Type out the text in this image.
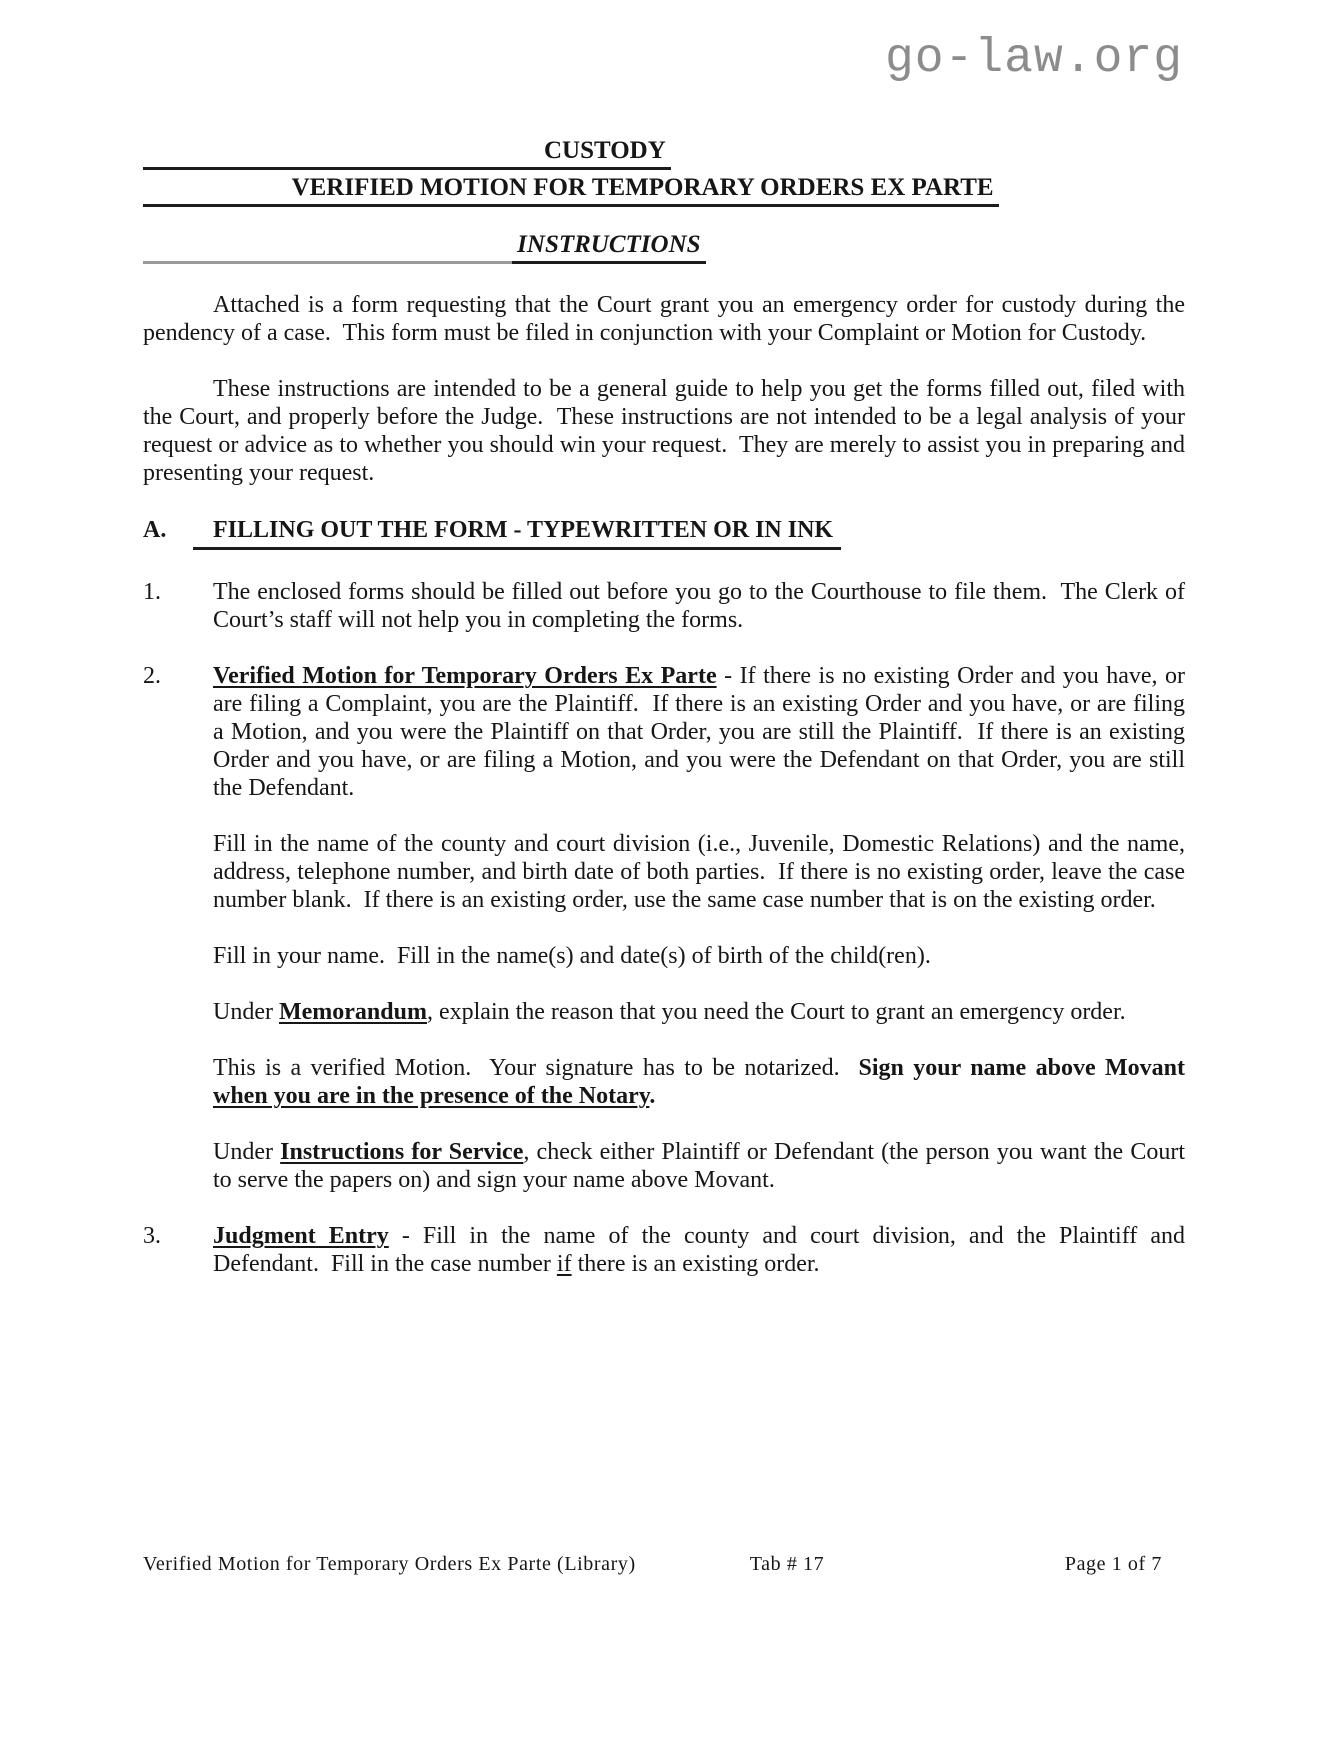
go-law.org
CUSTODY
VERIFIED MOTION FOR TEMPORARY ORDERS EX PARTE
INSTRUCTIONS

Attached is a form requesting that the Court grant you an emergency order for custody during the pendency of a case.  This form must be filed in conjunction with your Complaint or Motion for Custody.

These instructions are intended to be a general guide to help you get the forms filled out, filed with the Court, and properly before the Judge.  These instructions are not intended to be a legal analysis of your request or advice as to whether you should win your request.  They are merely to assist you in preparing and presenting your request.

A.	FILLING OUT THE FORM - TYPEWRITTEN OR IN INK
1.	The enclosed forms should be filled out before you go to the Courthouse to file them.  The Clerk of Court’s staff will not help you in completing the forms.

2.	Verified Motion for Temporary Orders Ex Parte - If there is no existing Order and you have, or are filing a Complaint, you are the Plaintiff.  If there is an existing Order and you have, or are filing a Motion, and you were the Plaintiff on that Order, you are still the Plaintiff.  If there is an existing Order and you have, or are filing a Motion, and you were the Defendant on that Order, you are still the Defendant.

Fill in the name of the county and court division (i.e., Juvenile, Domestic Relations) and the name, address, telephone number, and birth date of both parties.  If there is no existing order, leave the case number blank.  If there is an existing order, use the same case number that is on the existing order.

Fill in your name.  Fill in the name(s) and date(s) of birth of the child(ren).

Under Memorandum, explain the reason that you need the Court to grant an emergency order.

This is a verified Motion.  Your signature has to be notarized.  Sign your name above Movant when you are in the presence of the Notary.

Under Instructions for Service, check either Plaintiff or Defendant (the person you want the Court to serve the papers on) and sign your name above Movant.

3.	Judgment Entry - Fill in the name of the county and court division, and the Plaintiff and Defendant.  Fill in the case number if there is an existing order.

Verified Motion for Temporary Orders Ex Parte (Library)	Tab # 17	Page 1 of 7
